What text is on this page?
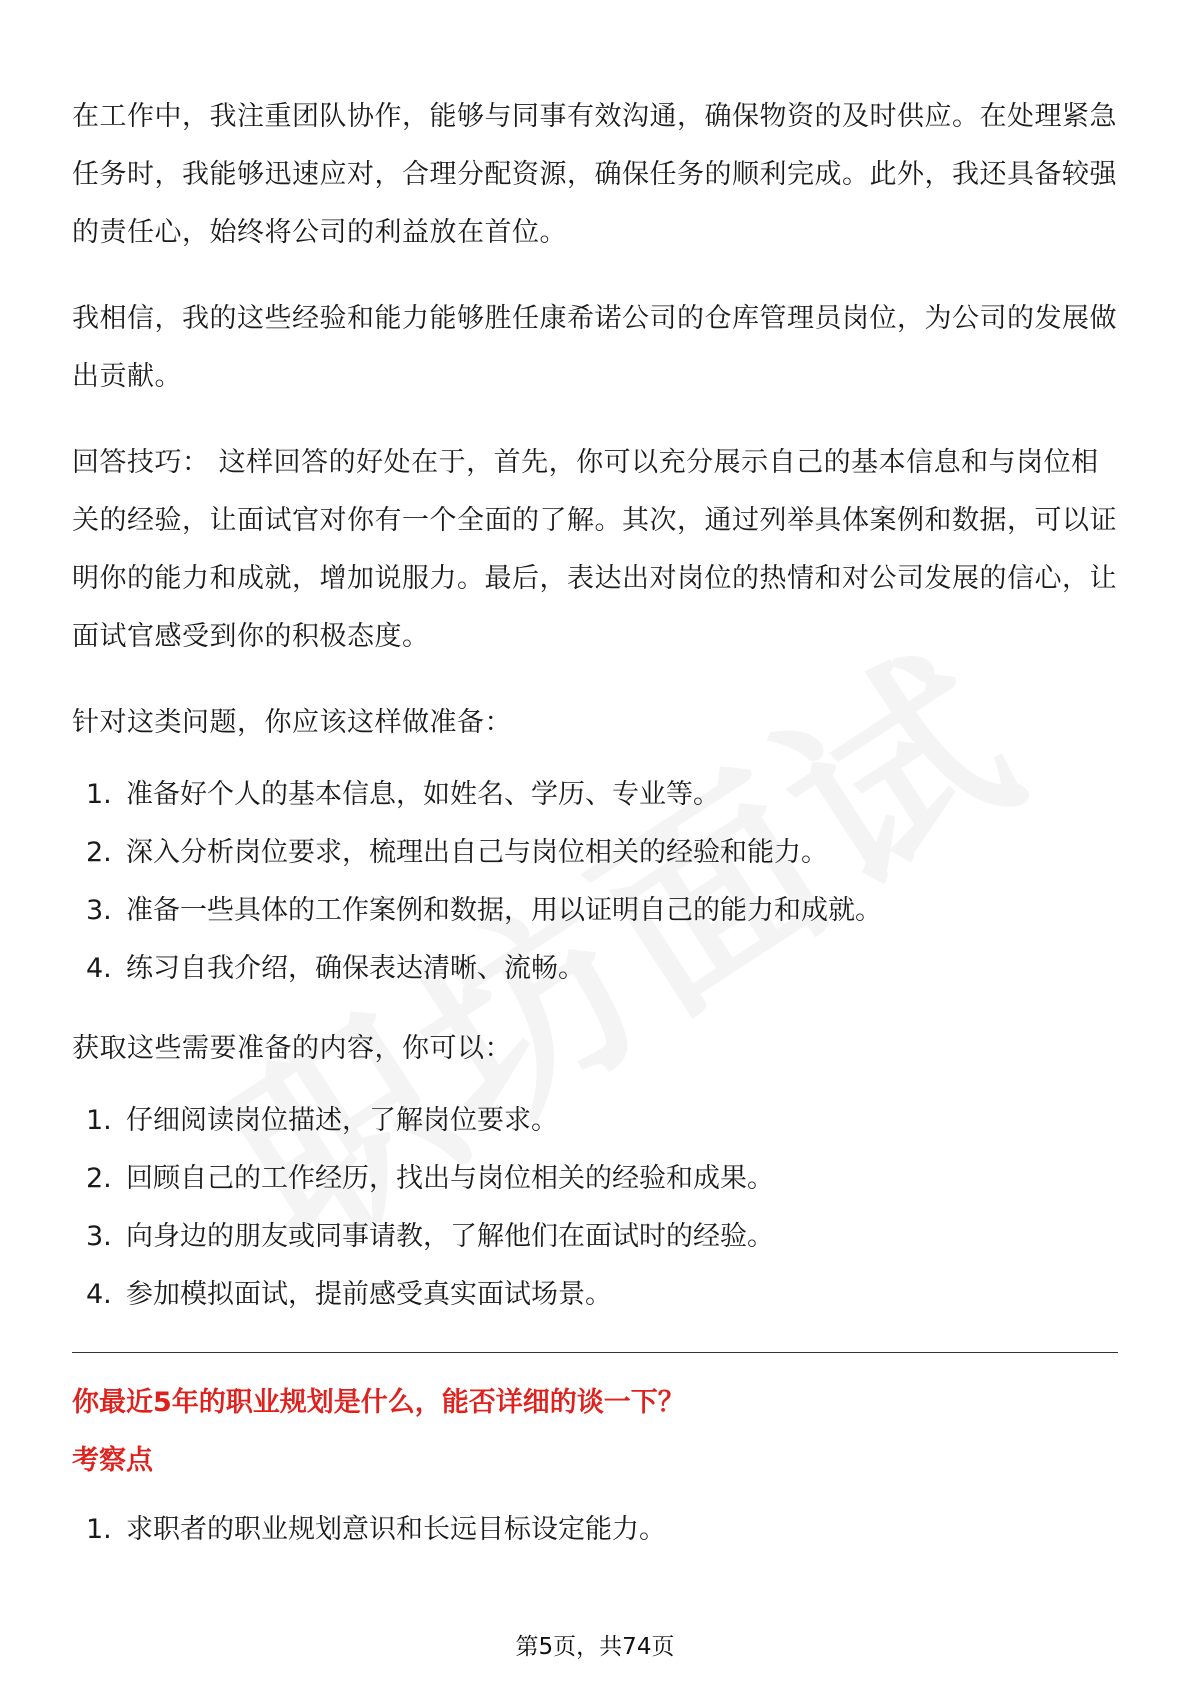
在工作中，我注重团队协作，能够与同事有效沟通，确保物资的及时供应。在处理紧急任务时，我能够迅速应对，合理分配资源，确保任务的顺利完成。此外，我还具备较强的责任心，始终将公司的利益放在首位。

我相信，我的这些经验和能力能够胜任康希诺公司的仓库管理员岗位，为公司的发展做出贡献。

回答技巧： 这样回答的好处在于，首先，你可以充分展示自己的基本信息和与岗位相关的经验，让面试官对你有一个全面的了解。其次，通过列举具体案例和数据，可以证明你的能力和成就，增加说服力。最后，表达出对岗位的热情和对公司发展的信心，让面试官感受到你的积极态度。

针对这类问题，你应该这样做准备：

1. 准备好个人的基本信息，如姓名、学历、专业等。
2. 深入分析岗位要求，梳理出自己与岗位相关的经验和能力。
3. 准备一些具体的工作案例和数据，用以证明自己的能力和成就。
4. 练习自我介绍，确保表达清晰、流畅。

获取这些需要准备的内容，你可以：

1. 仔细阅读岗位描述，了解岗位要求。
2. 回顾自己的工作经历，找出与岗位相关的经验和成果。
3. 向身边的朋友或同事请教，了解他们在面试时的经验。
4. 参加模拟面试，提前感受真实面试场景。
你最近5年的职业规划是什么，能否详细的谈一下？
考察点
1. 求职者的职业规划意识和长远目标设定能力。
第5页，共74页
